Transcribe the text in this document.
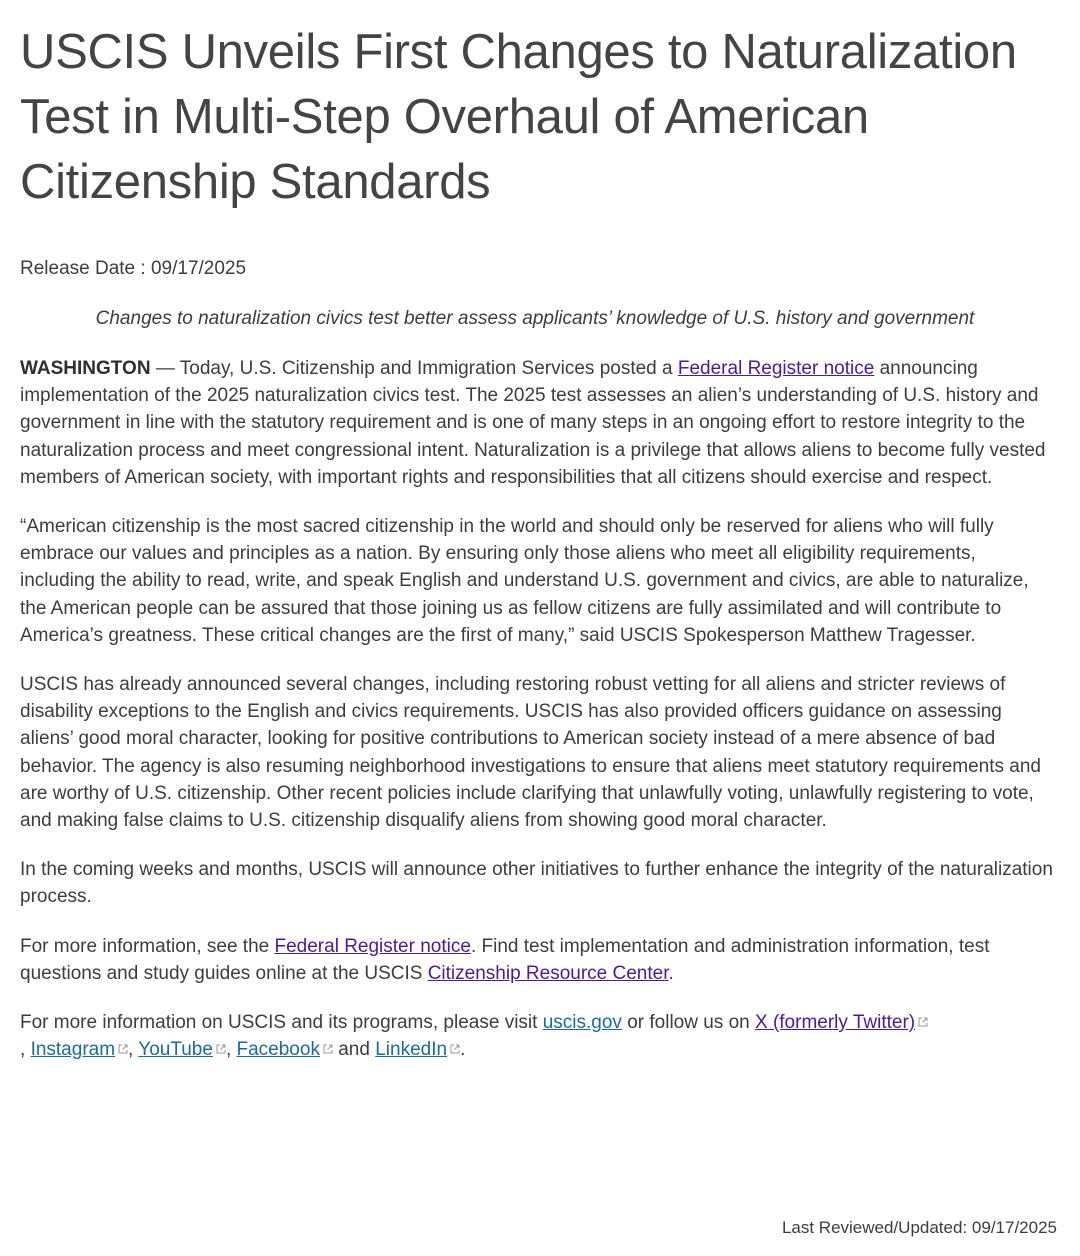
USCIS Unveils First Changes to Naturalization Test in Multi-Step Overhaul of American Citizenship Standards
Release Date : 09/17/2025
Changes to naturalization civics test better assess applicants’ knowledge of U.S. history and government

WASHINGTON — Today, U.S. Citizenship and Immigration Services posted a Federal Register notice announcing implementation of the 2025 naturalization civics test. The 2025 test assesses an alien’s understanding of U.S. history and government in line with the statutory requirement and is one of many steps in an ongoing effort to restore integrity to the naturalization process and meet congressional intent. Naturalization is a privilege that allows aliens to become fully vested members of American society, with important rights and responsibilities that all citizens should exercise and respect.

“American citizenship is the most sacred citizenship in the world and should only be reserved for aliens who will fully embrace our values and principles as a nation. By ensuring only those aliens who meet all eligibility requirements, including the ability to read, write, and speak English and understand U.S. government and civics, are able to naturalize, the American people can be assured that those joining us as fellow citizens are fully assimilated and will contribute to America’s greatness. These critical changes are the first of many,” said USCIS Spokesperson Matthew Tragesser.

USCIS has already announced several changes, including restoring robust vetting for all aliens and stricter reviews of disability exceptions to the English and civics requirements. USCIS has also provided officers guidance on assessing aliens’ good moral character, looking for positive contributions to American society instead of a mere absence of bad behavior. The agency is also resuming neighborhood investigations to ensure that aliens meet statutory requirements and are worthy of U.S. citizenship. Other recent policies include clarifying that unlawfully voting, unlawfully registering to vote, and making false claims to U.S. citizenship disqualify aliens from showing good moral character.

In the coming weeks and months, USCIS will announce other initiatives to further enhance the integrity of the naturalization process.

For more information, see the Federal Register notice. Find test implementation and administration information, test questions and study guides online at the USCIS Citizenship Resource Center.

For more information on USCIS and its programs, please visit uscis.gov or follow us on X (formerly Twitter)
, Instagram , YouTube , Facebook and LinkedIn .

Last Reviewed/Updated: 09/17/2025
